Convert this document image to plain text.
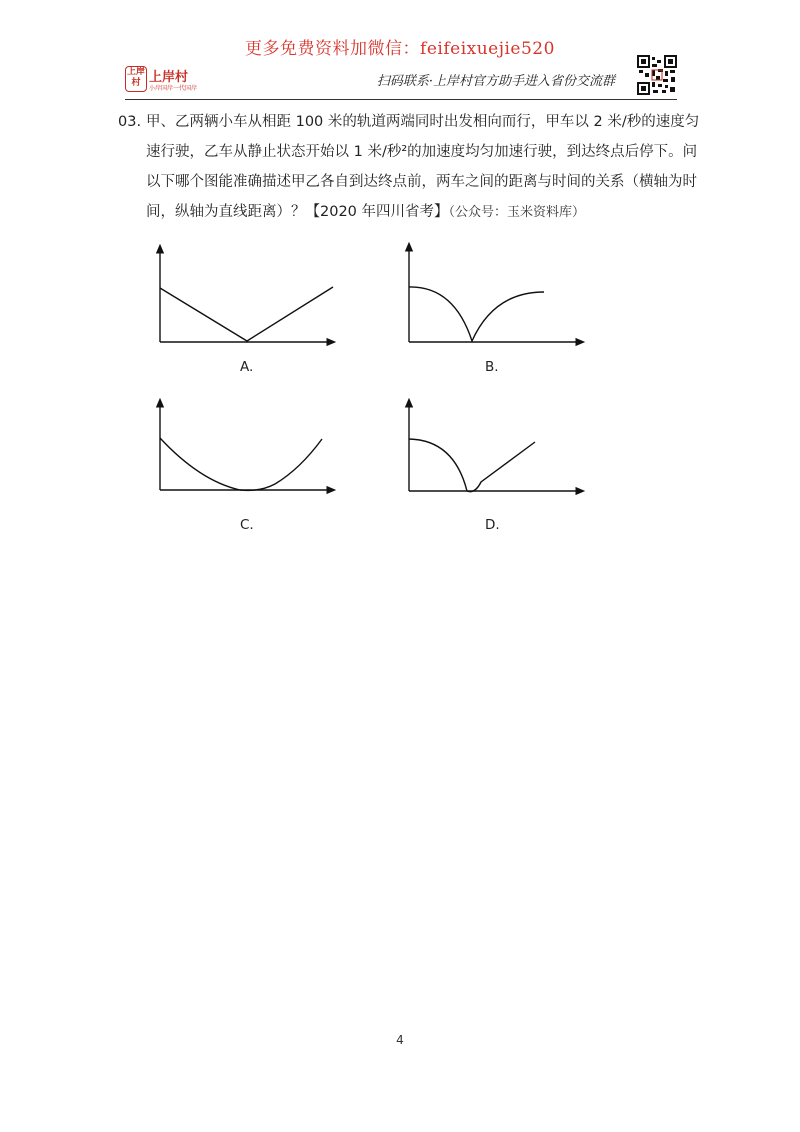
更多免费资料加微信：feifeixuejie520
上岸村 上岸村
小岸国岸一代国岸	扫码联系·上岸村官方助手进入省份交流群
03. 甲、乙两辆小车从相距 100 米的轨道两端同时出发相向而行，甲车以 2 米/秒的速度匀
速行驶，乙车从静止状态开始以 1 米/秒²的加速度均匀加速行驶，到达终点后停下。问
以下哪个图能准确描述甲乙各自到达终点前，两车之间的距离与时间的关系（横轴为时
间，纵轴为直线距离）？【2020 年四川省考】（公众号：玉米资料库）
A.	B.
C.	D.
4
